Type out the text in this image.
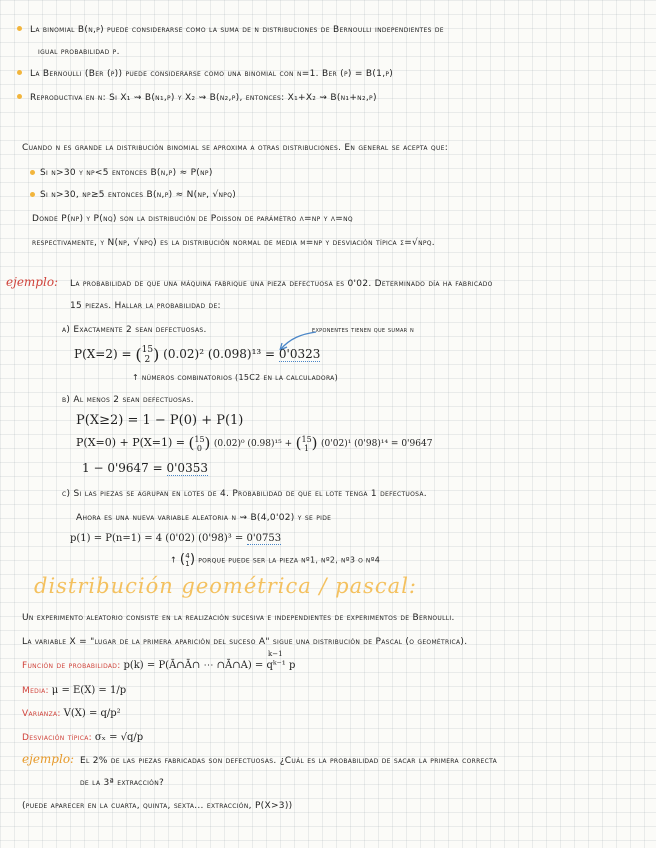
La binomial B(n,p) puede considerarse como la suma de n distribuciones de Bernoulli independientes de
igual probabilidad p.
La Bernoulli (Ber (p)) puede considerarse como una binomial con n=1. Ber (p) = B(1,p)
Reproductiva en n: Si X₁ ⇝ B(n₁,p) y X₂ ⇝ B(n₂,p), entonces: X₁+X₂ ⇝ B(n₁+n₂,p)
Cuando n es grande la distribución binomial se aproxima a otras distribuciones. En general se acepta que:
Si n>30 y np<5 entonces B(n,p) ≈ P(np)
Si n>30, np≥5 entonces B(n,p) ≈ N(np, √npq)
Donde P(np) y P(nq) son la distribución de Poisson de parámetro λ=np y λ=nq
respectivamente, y N(np, √npq) es la distribución normal de media μ=np y desviación típica σ=√npq.
ejemplo: La probabilidad de que una máquina fabrique una pieza defectuosa es 0'02. Determinado día ha fabricado
15 piezas. Hallar la probabilidad de:
a) Exactamente 2 sean defectuosas.	exponentes tienen que sumar n
P(X=2) = (15
2 ) (0.02)² (0.098)¹³ = 0'0323
↑ números combinatorios (15C2 en la calculadora)
b) Al menos 2 sean defectuosas.
P(X≥2) = 1 − P(0) + P(1)
P(X=0) + P(X=1) = (15
0 ) (0.02)⁰ (0.98)¹⁵ + (15
1 ) (0'02)¹ (0'98)¹⁴ = 0'9647
1 − 0'9647 = 0'0353
c) Si las piezas se agrupan en lotes de 4. Probabilidad de que el lote tenga 1 defectuosa.
Ahora es una nueva variable aleatoria n ⇝ B(4,0'02) y se pide
p(1) = P(n=1) = 4 (0'02) (0'98)³ = 0'0753
↑ (4
1) porque puede ser la pieza nº1, nº2, nº3 o nº4
distribución geométrica / pascal:
Un experimento aleatorio consiste en la realización sucesiva e independientes de experimentos de Bernoulli.
La variable X = "lugar de la primera aparición del suceso A" sigue una distribución de Pascal (o geométrica).
Función de probabilidad: p(k) = P(Ā∩Ā∩ ⋯ ∩Ā∩A) = qᵏ⁻¹ p
k−1
Media: μ = E(X) = 1/p
Varianza: V(X) = q/p²
Desviación típica: σₓ = √q/p
ejemplo: El 2% de las piezas fabricadas son defectuosas. ¿Cuál es la probabilidad de sacar la primera correcta
de la 3ª extracción?
(puede aparecer en la cuarta, quinta, sexta... extracción, P(X>3))
